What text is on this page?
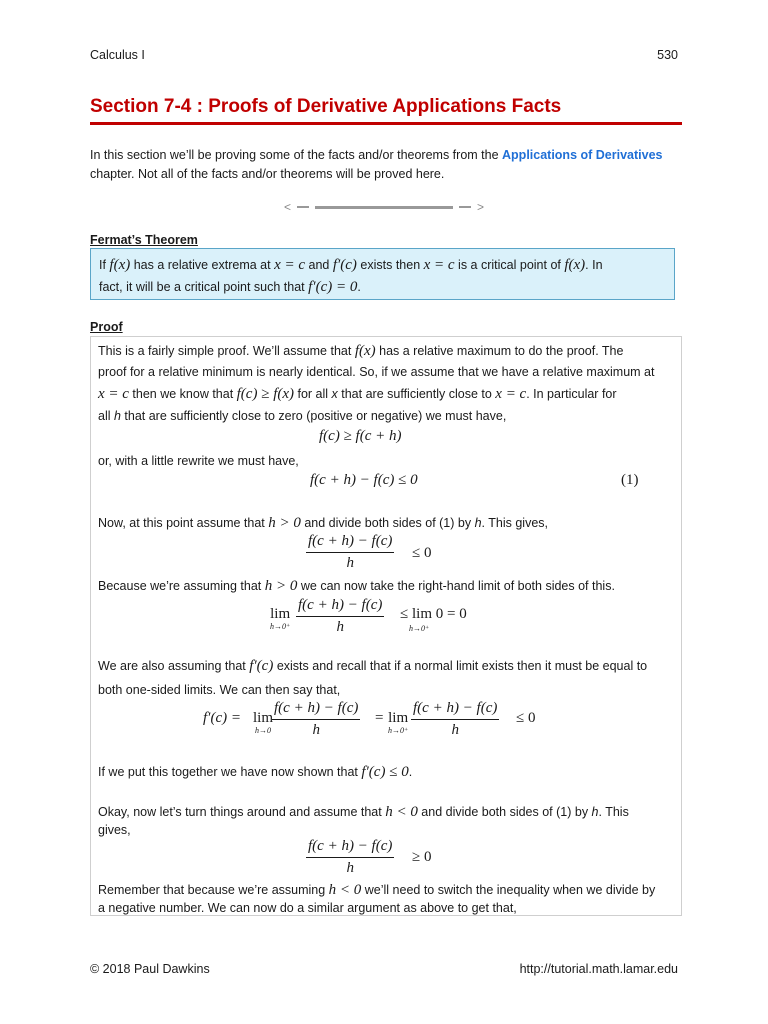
Calculus I	530
Section 7-4 : Proofs of Derivative Applications Facts

In this section we’ll be proving some of the facts and/or theorems from the Applications of Derivatives chapter. Not all of the facts and/or theorems will be proved here.

<	>

Fermat’s Theorem

If f(x) has a relative extrema at x = c and f′(c) exists then x = c is a critical point of f(x). In
fact, it will be a critical point such that f′(c) = 0.

Proof

This is a fairly simple proof. We’ll assume that f(x) has a relative maximum to do the proof. The
proof for a relative minimum is nearly identical. So, if we assume that we have a relative maximum at
x = c then we know that f(c) ≥ f(x) for all x that are sufficiently close to x = c. In particular for
all h that are sufficiently close to zero (positive or negative) we must have,
f(c) ≥ f(c + h)
or, with a little rewrite we must have,
f(c + h) − f(c) ≤ 0	(1)
Now, at this point assume that h > 0 and divide both sides of (1) by h. This gives,
$\frac{f(c + h) - f(c)}{h} \le 0$
Because we’re assuming that h > 0 we can now take the right-hand limit of both sides of this.
lim
$h\to 0^+ \frac{f(c + h) - f(c)}{h} \le \lim 0 = 0$
h→0⁺
We are also assuming that f′(c) exists and recall that if a normal limit exists then it must be equal to
both one-sided limits. We can then say that,
f′(c) = lim
$h\to 0 \frac{f(c + h) - f(c)}{h} = \lim$
$h\to 0^+ \frac{f(c + h) - f(c)}{h} \le 0$
If we put this together we have now shown that f′(c) ≤ 0.
Okay, now let’s turn things around and assume that h < 0 and divide both sides of (1) by h. This
gives,
$\frac{f(c + h) - f(c)}{h} \ge 0$
Remember that because we’re assuming h < 0 we’ll need to switch the inequality when we divide by
a negative number. We can now do a similar argument as above to get that,
© 2018 Paul Dawkins	http://tutorial.math.lamar.edu
